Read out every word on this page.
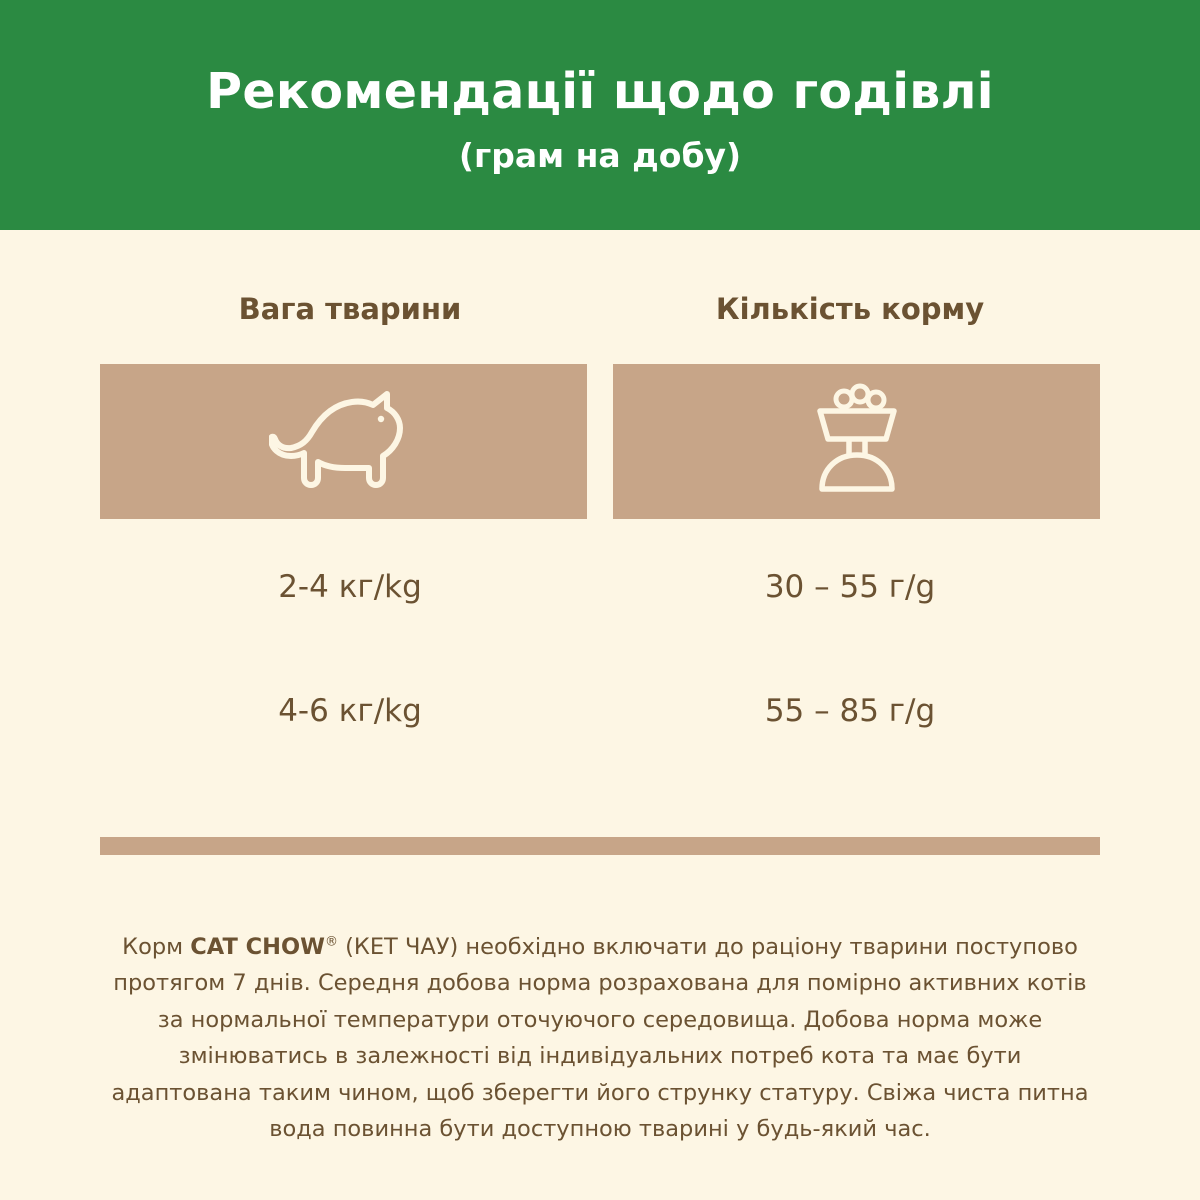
Рекомендації щодо годівлі
(грам на добу)
Вага тварини	Кількість корму
2-4 кг/kg	30 – 55 г/g
4-6 кг/kg	55 – 85 г/g
Корм CAT CHOW® (КЕТ ЧАУ) необхідно включати до раціону тварини поступово протягом 7 днів. Середня добова норма розрахована для помірно активних котів за нормальної температури оточуючого середовища. Добова норма може змінюватись в залежності від індивідуальних потреб кота та має бути адаптована таким чином, щоб зберегти його струнку статуру. Свіжа чиста питна вода повинна бути доступною тварині у будь-який час.
